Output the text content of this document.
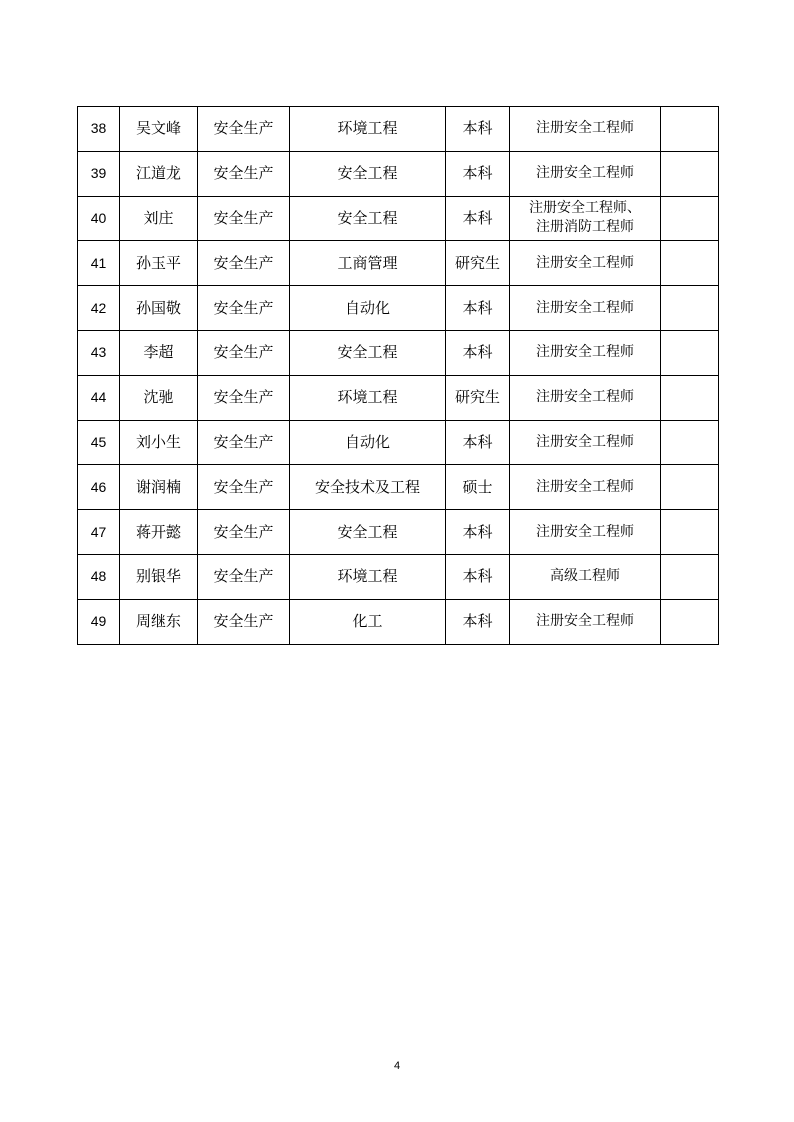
38	吴文峰	安全生产	环境工程	本科	注册安全工程师	

39	江道龙	安全生产	安全工程	本科	注册安全工程师	

40	刘庄	安全生产	安全工程	本科	注册安全工程师、
注册消防工程师	

41	孙玉平	安全生产	工商管理	研究生	注册安全工程师	

42	孙国敬	安全生产	自动化	本科	注册安全工程师	

43	李超	安全生产	安全工程	本科	注册安全工程师	

44	沈驰	安全生产	环境工程	研究生	注册安全工程师	

45	刘小生	安全生产	自动化	本科	注册安全工程师	

46	谢润楠	安全生产	安全技术及工程	硕士	注册安全工程师	

47	蒋开懿	安全生产	安全工程	本科	注册安全工程师	

48	别银华	安全生产	环境工程	本科	高级工程师	

49	周继东	安全生产	化工	本科	注册安全工程师	

4
